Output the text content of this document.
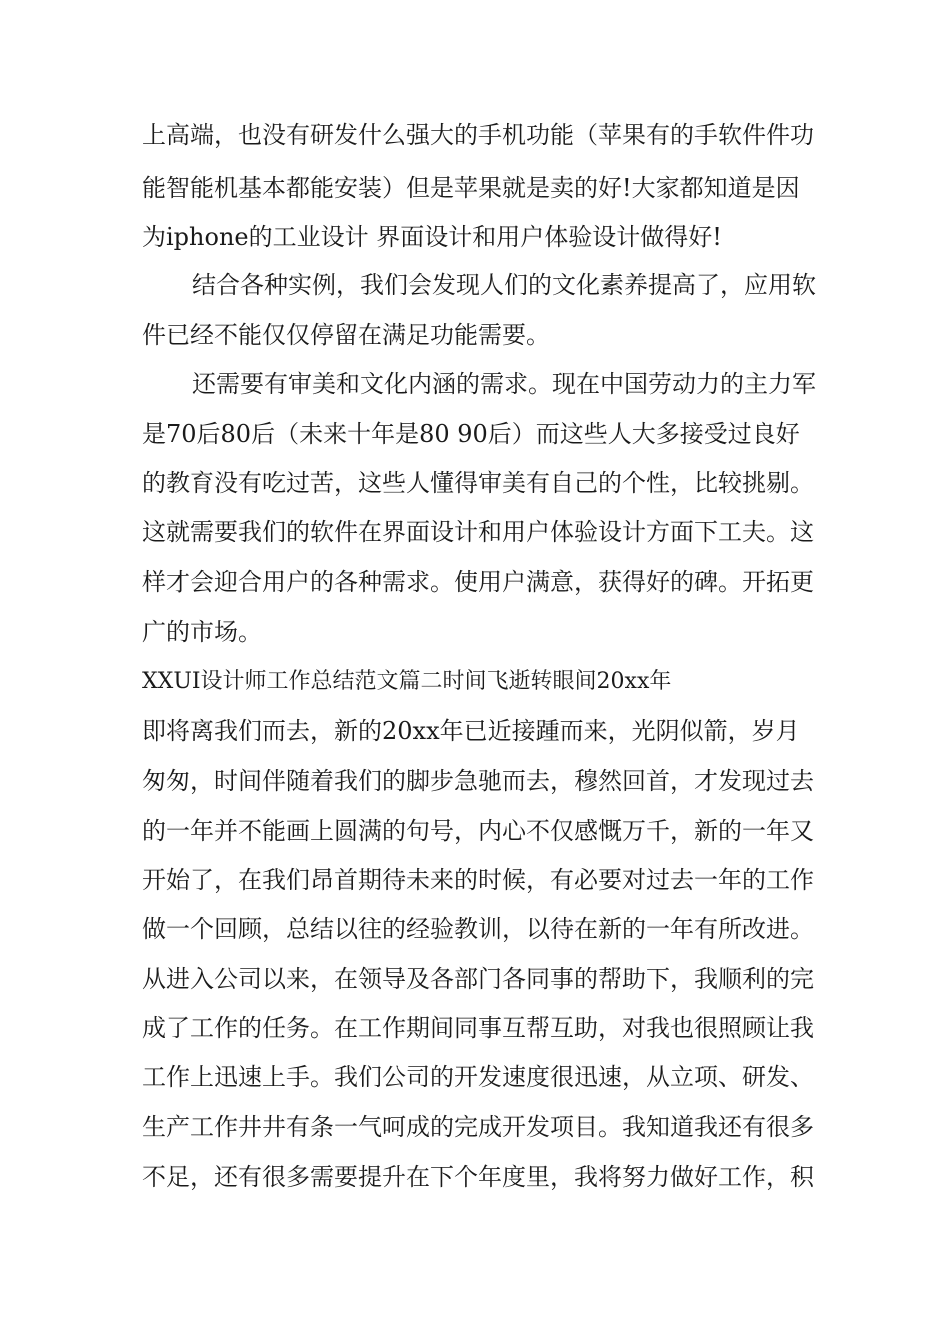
上高端，也没有研发什么强大的手机功能（苹果有的手软件件功
能智能机基本都能安装）但是苹果就是卖的好!大家都知道是因
为iphone的工业设计 界面设计和用户体验设计做得好!
结合各种实例，我们会发现人们的文化素养提高了，应用软
件已经不能仅仅停留在满足功能需要。
还需要有审美和文化内涵的需求。现在中国劳动力的主力军
是70后80后（未来十年是80 90后）而这些人大多接受过良好
的教育没有吃过苦，这些人懂得审美有自己的个性，比较挑剔。
这就需要我们的软件在界面设计和用户体验设计方面下工夫。这
样才会迎合用户的各种需求。使用户满意，获得好的碑。开拓更
广的市场。
XXUI设计师工作总结范文篇二时间飞逝转眼间20xx年
即将离我们而去，新的20xx年已近接踵而来，光阴似箭，岁月
匆匆，时间伴随着我们的脚步急驰而去，穆然回首，才发现过去
的一年并不能画上圆满的句号，内心不仅感慨万千，新的一年又
开始了，在我们昂首期待未来的时候，有必要对过去一年的工作
做一个回顾，总结以往的经验教训，以待在新的一年有所改进。
从进入公司以来，在领导及各部门各同事的帮助下，我顺利的完
成了工作的任务。在工作期间同事互帮互助，对我也很照顾让我
工作上迅速上手。我们公司的开发速度很迅速，从立项、研发、
生产工作井井有条一气呵成的完成开发项目。我知道我还有很多
不足，还有很多需要提升在下个年度里，我将努力做好工作，积
